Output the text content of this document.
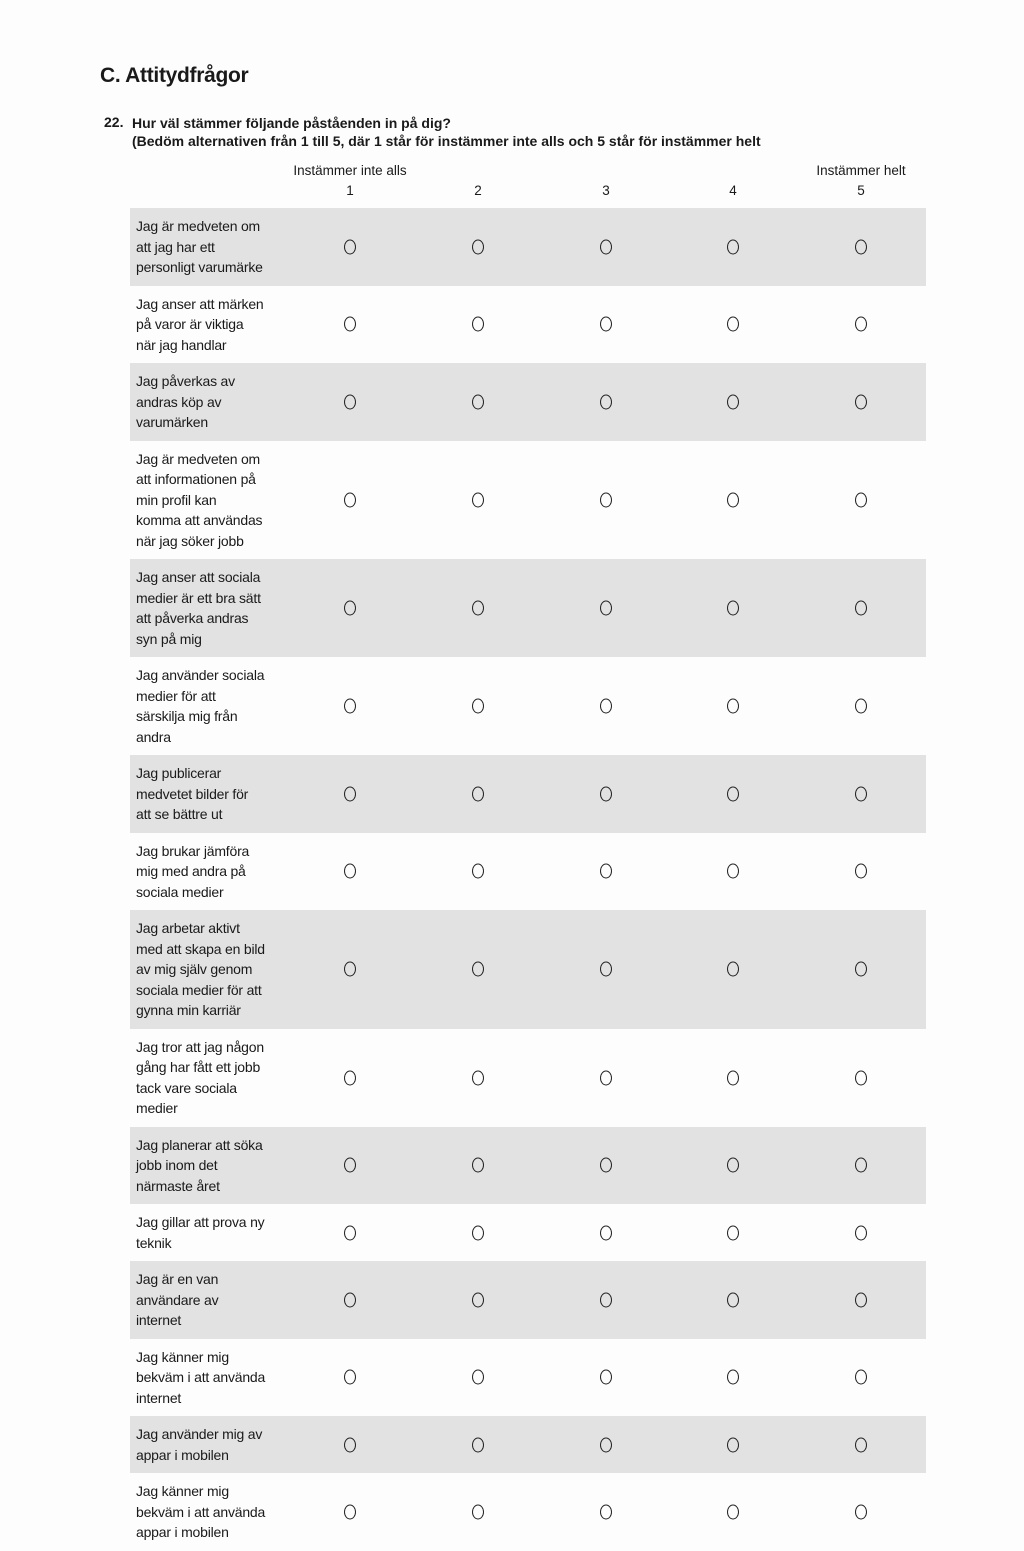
C. Attitydfrågor
22. Hur väl stämmer följande påståenden in på dig?
(Bedöm alternativen från 1 till 5, där 1 står för instämmer inte alls och 5 står för instämmer helt
Instämmer inte alls	Instämmer helt
1	2	3	4	5
Jag är medveten om
att jag har ett
personligt varumärke
Jag anser att märken
på varor är viktiga
när jag handlar
Jag påverkas av
andras köp av
varumärken
Jag är medveten om
att informationen på
min profil kan
komma att användas
när jag söker jobb
Jag anser att sociala
medier är ett bra sätt
att påverka andras
syn på mig
Jag använder sociala
medier för att
särskilja mig från
andra
Jag publicerar
medvetet bilder för
att se bättre ut
Jag brukar jämföra
mig med andra på
sociala medier
Jag arbetar aktivt
med att skapa en bild
av mig själv genom
sociala medier för att
gynna min karriär
Jag tror att jag någon
gång har fått ett jobb
tack vare sociala
medier
Jag planerar att söka
jobb inom det
närmaste året
Jag gillar att prova ny
teknik
Jag är en van
användare av
internet
Jag känner mig
bekväm i att använda
internet
Jag använder mig av
appar i mobilen
Jag känner mig
bekväm i att använda
appar i mobilen
